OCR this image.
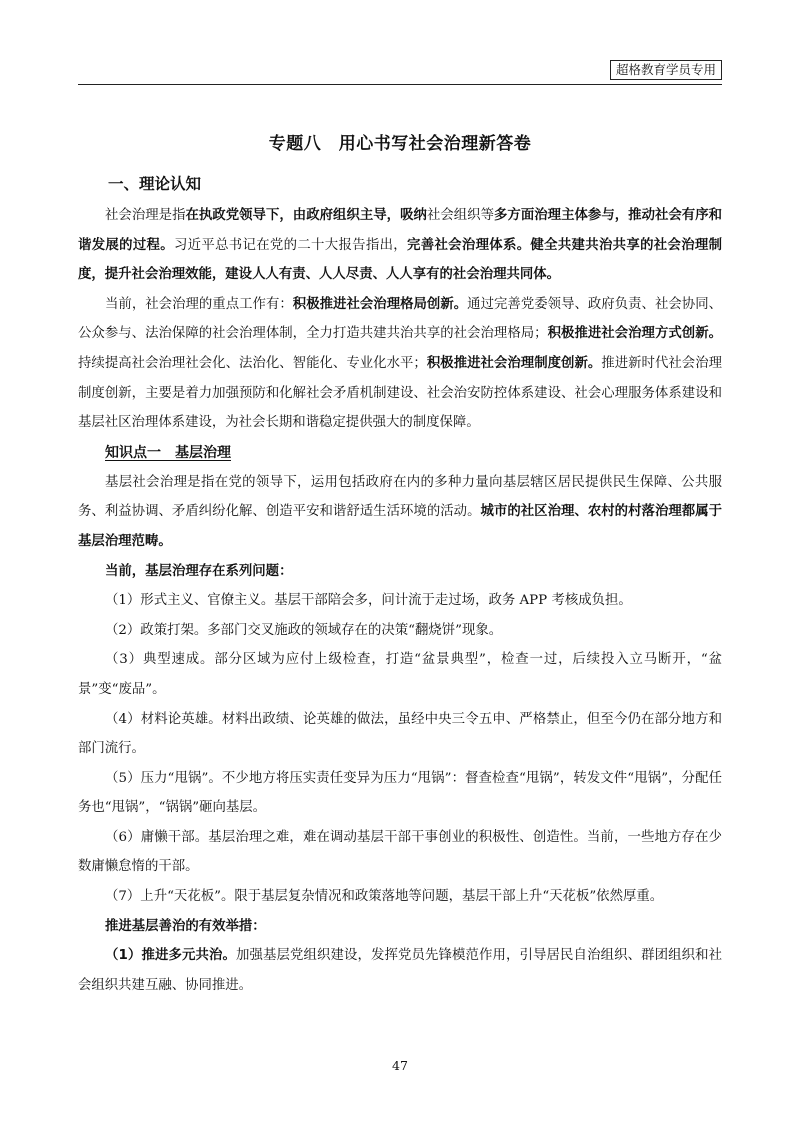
超格教育学员专用
专题八　用心书写社会治理新答卷
一、理论认知

社会治理是指在执政党领导下，由政府组织主导，吸纳社会组织等多方面治理主体参与，推动社会有序和谐发展的过程。习近平总书记在党的二十大报告指出，完善社会治理体系。健全共建共治共享的社会治理制度，提升社会治理效能，建设人人有责、人人尽责、人人享有的社会治理共同体。

当前，社会治理的重点工作有：积极推进社会治理格局创新。通过完善党委领导、政府负责、社会协同、公众参与、法治保障的社会治理体制，全力打造共建共治共享的社会治理格局；积极推进社会治理方式创新。持续提高社会治理社会化、法治化、智能化、专业化水平；积极推进社会治理制度创新。推进新时代社会治理制度创新，主要是着力加强预防和化解社会矛盾机制建设、社会治安防控体系建设、社会心理服务体系建设和基层社区治理体系建设，为社会长期和谐稳定提供强大的制度保障。

知识点一　基层治理

基层社会治理是指在党的领导下，运用包括政府在内的多种力量向基层辖区居民提供民生保障、公共服务、利益协调、矛盾纠纷化解、创造平安和谐舒适生活环境的活动。城市的社区治理、农村的村落治理都属于基层治理范畴。

当前，基层治理存在系列问题：

（1）形式主义、官僚主义。基层干部陪会多，问计流于走过场，政务 APP 考核成负担。

（2）政策打架。多部门交叉施政的领域存在的决策“翻烧饼”现象。

（3）典型速成。部分区域为应付上级检查，打造“盆景典型”，检查一过，后续投入立马断开，“盆景”变“废品”。

（4）材料论英雄。材料出政绩、论英雄的做法，虽经中央三令五申、严格禁止，但至今仍在部分地方和部门流行。

（5）压力“甩锅”。不少地方将压实责任变异为压力“甩锅”：督查检查“甩锅”，转发文件“甩锅”，分配任务也“甩锅”，“锅锅”砸向基层。

（6）庸懒干部。基层治理之难，难在调动基层干部干事创业的积极性、创造性。当前，一些地方存在少数庸懒怠惰的干部。

（7）上升“天花板”。限于基层复杂情况和政策落地等问题，基层干部上升“天花板”依然厚重。

推进基层善治的有效举措：

（1）推进多元共治。加强基层党组织建设，发挥党员先锋模范作用，引导居民自治组织、群团组织和社会组织共建互融、协同推进。

47
